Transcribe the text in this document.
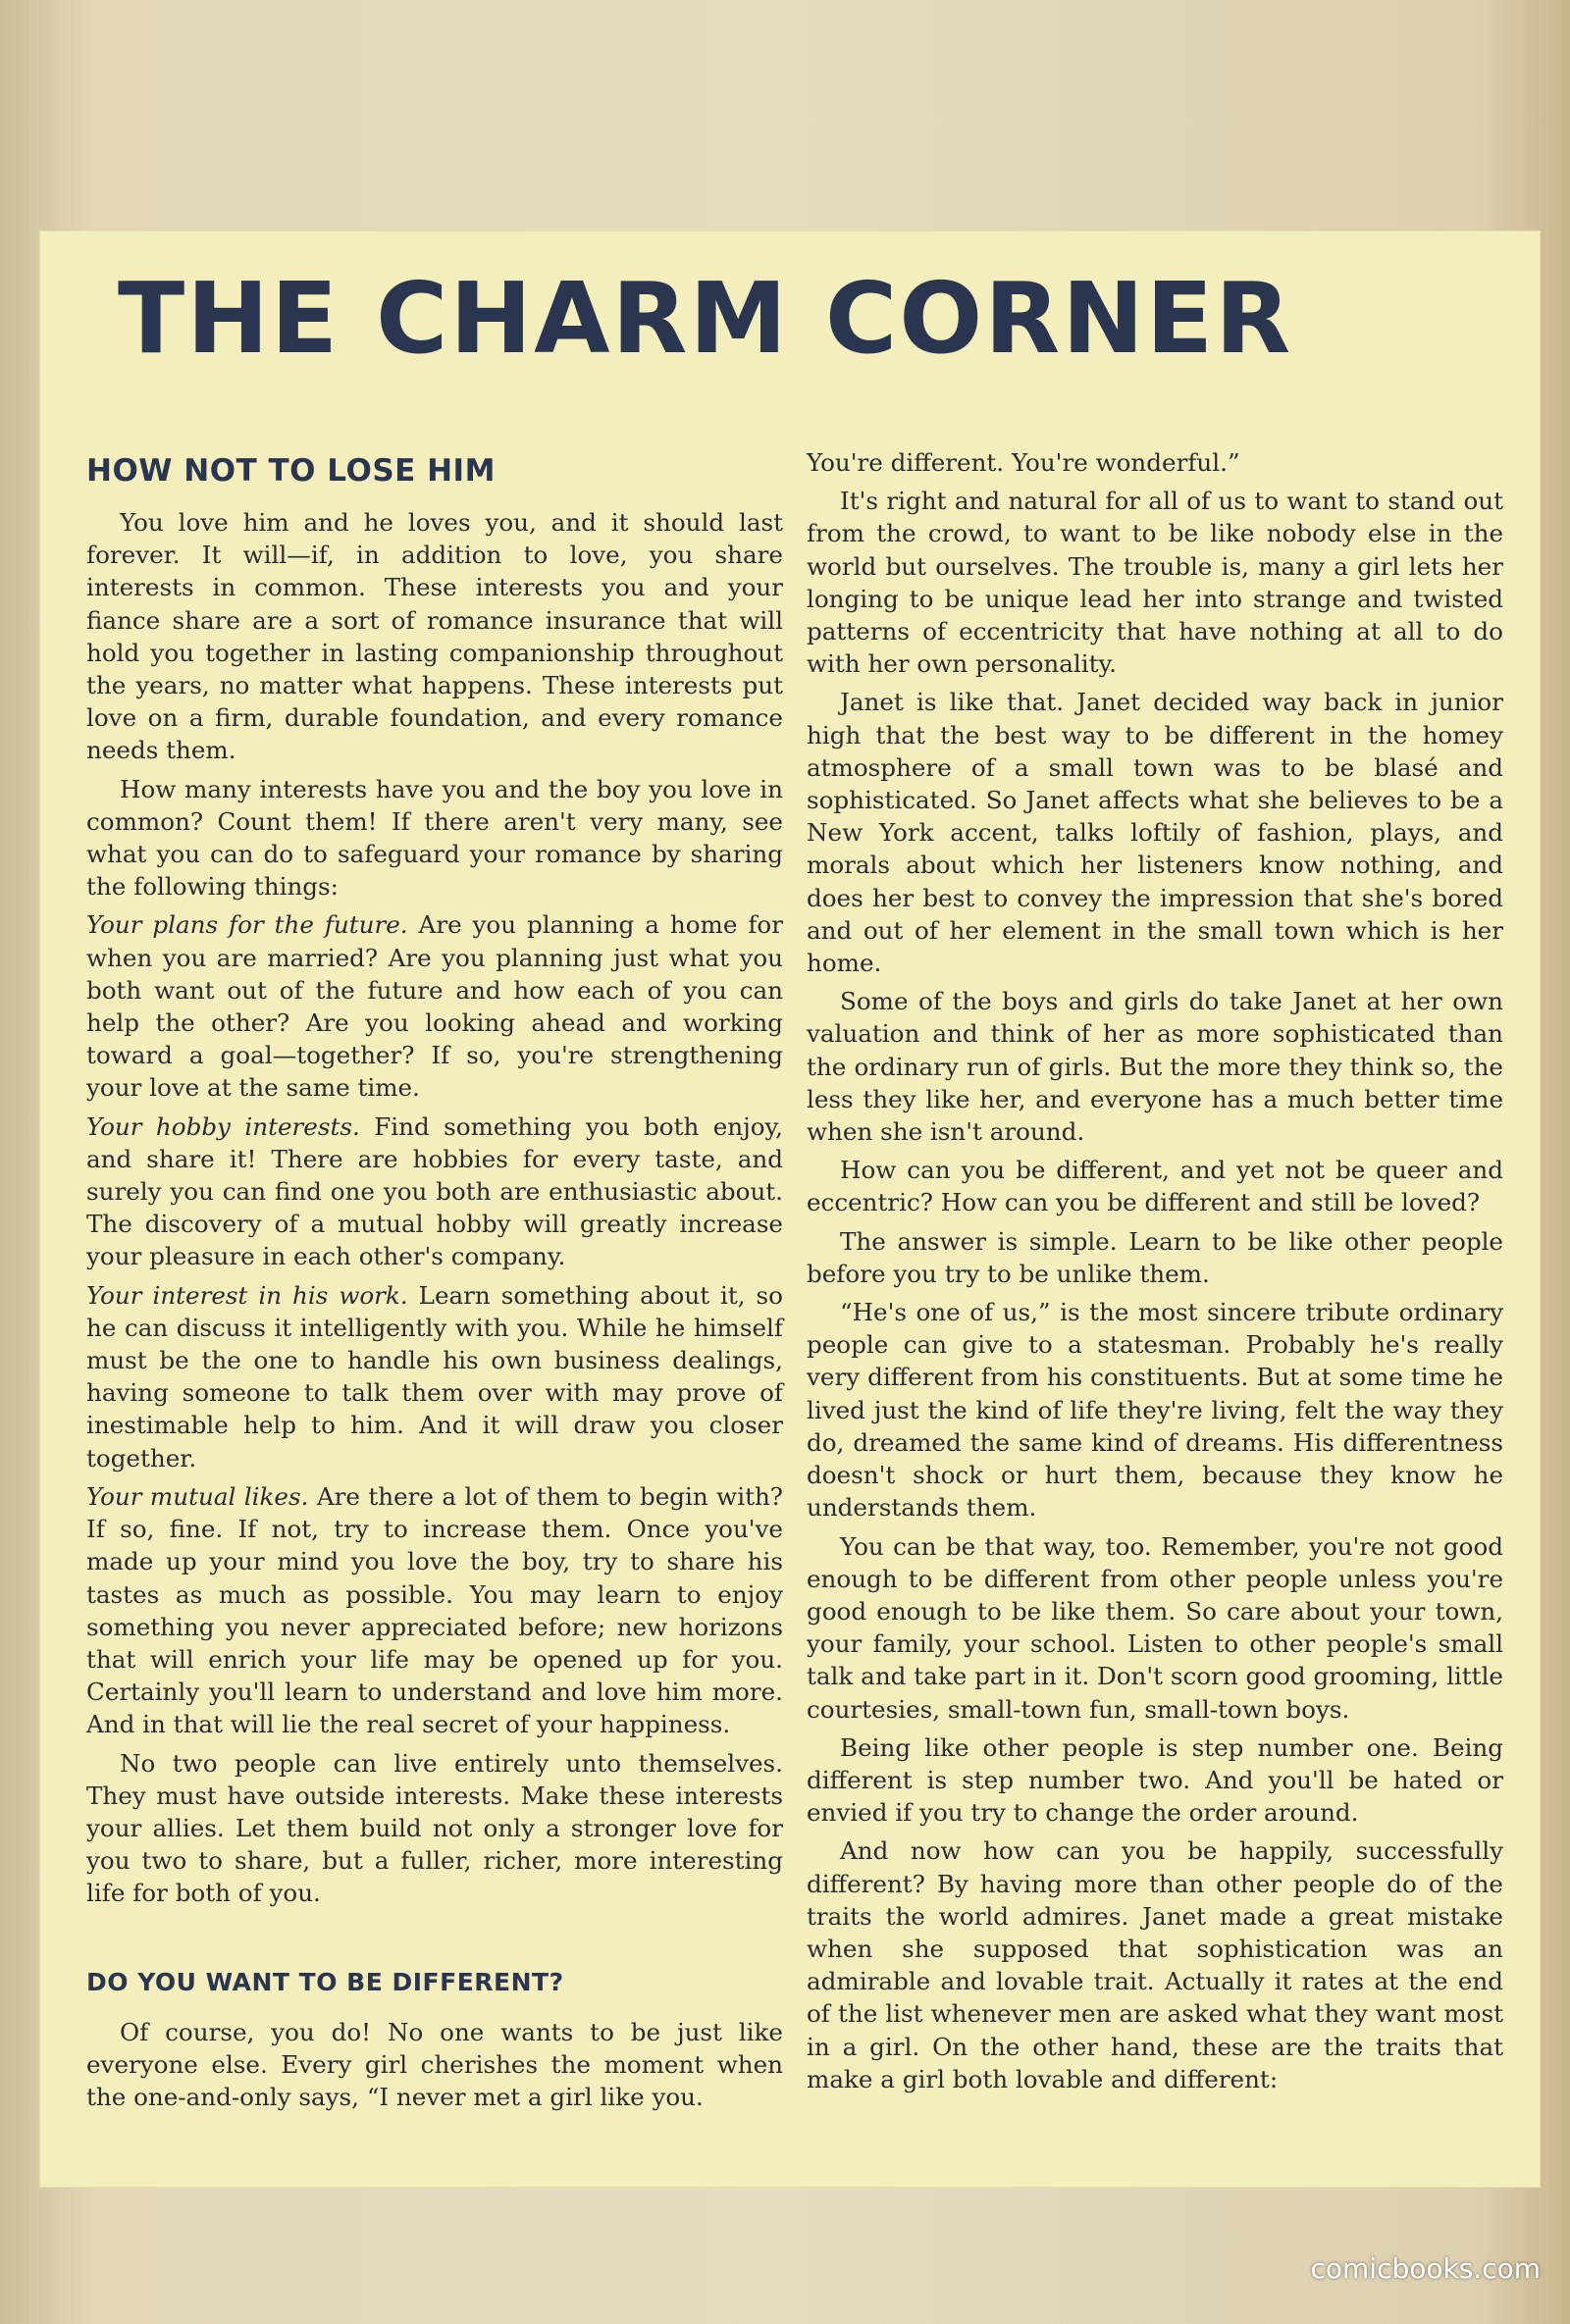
THE CHARM CORNER
HOW NOT TO LOSE HIM

You love him and he loves you, and it should last forever. It will—if, in addition to love, you share interests in common. These interests you and your fiance share are a sort of romance insurance that will hold you together in lasting companionship throughout the years, no matter what happens. These interests put love on a firm, durable foundation, and every romance needs them.

How many interests have you and the boy you love in common? Count them! If there aren't very many, see what you can do to safeguard your romance by sharing the following things:

Your plans for the future. Are you planning a home for when you are married? Are you planning just what you both want out of the future and how each of you can help the other? Are you looking ahead and working toward a goal—together? If so, you're strengthening your love at the same time.

Your hobby interests. Find something you both enjoy, and share it! There are hobbies for every taste, and surely you can find one you both are enthusiastic about. The discovery of a mutual hobby will greatly increase your pleasure in each other's company.

Your interest in his work. Learn something about it, so he can discuss it intelligently with you. While he himself must be the one to handle his own business dealings, having someone to talk them over with may prove of inestimable help to him. And it will draw you closer together.

Your mutual likes. Are there a lot of them to begin with? If so, fine. If not, try to increase them. Once you've made up your mind you love the boy, try to share his tastes as much as possible. You may learn to enjoy something you never appreciated before; new horizons that will enrich your life may be opened up for you. Certainly you'll learn to understand and love him more. And in that will lie the real secret of your happiness.

No two people can live entirely unto themselves. They must have outside interests. Make these interests your allies. Let them build not only a stronger love for you two to share, but a fuller, richer, more interesting life for both of you.

DO YOU WANT TO BE DIFFERENT?

Of course, you do! No one wants to be just like everyone else. Every girl cherishes the moment when the one-and-only says, “I never met a girl like you.

You're different. You're wonderful.”

It's right and natural for all of us to want to stand out from the crowd, to want to be like nobody else in the world but ourselves. The trouble is, many a girl lets her longing to be unique lead her into strange and twisted patterns of eccentricity that have nothing at all to do with her own personality.

Janet is like that. Janet decided way back in junior high that the best way to be different in the homey atmosphere of a small town was to be blasé and sophisticated. So Janet affects what she believes to be a New York accent, talks loftily of fashion, plays, and morals about which her listeners know nothing, and does her best to convey the impression that she's bored and out of her element in the small town which is her home.

Some of the boys and girls do take Janet at her own valuation and think of her as more sophisticated than the ordinary run of girls. But the more they think so, the less they like her, and everyone has a much better time when she isn't around.

How can you be different, and yet not be queer and eccentric? How can you be different and still be loved?

The answer is simple. Learn to be like other people before you try to be unlike them.

“He's one of us,” is the most sincere tribute ordinary people can give to a statesman. Probably he's really very different from his constituents. But at some time he lived just the kind of life they're living, felt the way they do, dreamed the same kind of dreams. His differentness doesn't shock or hurt them, because they know he understands them.

You can be that way, too. Remember, you're not good enough to be different from other people unless you're good enough to be like them. So care about your town, your family, your school. Listen to other people's small talk and take part in it. Don't scorn good grooming, little courtesies, small-town fun, small-town boys.

Being like other people is step number one. Being different is step number two. And you'll be hated or envied if you try to change the order around.

And now how can you be happily, successfully different? By having more than other people do of the traits the world admires. Janet made a great mistake when she supposed that sophistication was an admirable and lovable trait. Actually it rates at the end of the list whenever men are asked what they want most in a girl. On the other hand, these are the traits that make a girl both lovable and different:

comicbooks.com
